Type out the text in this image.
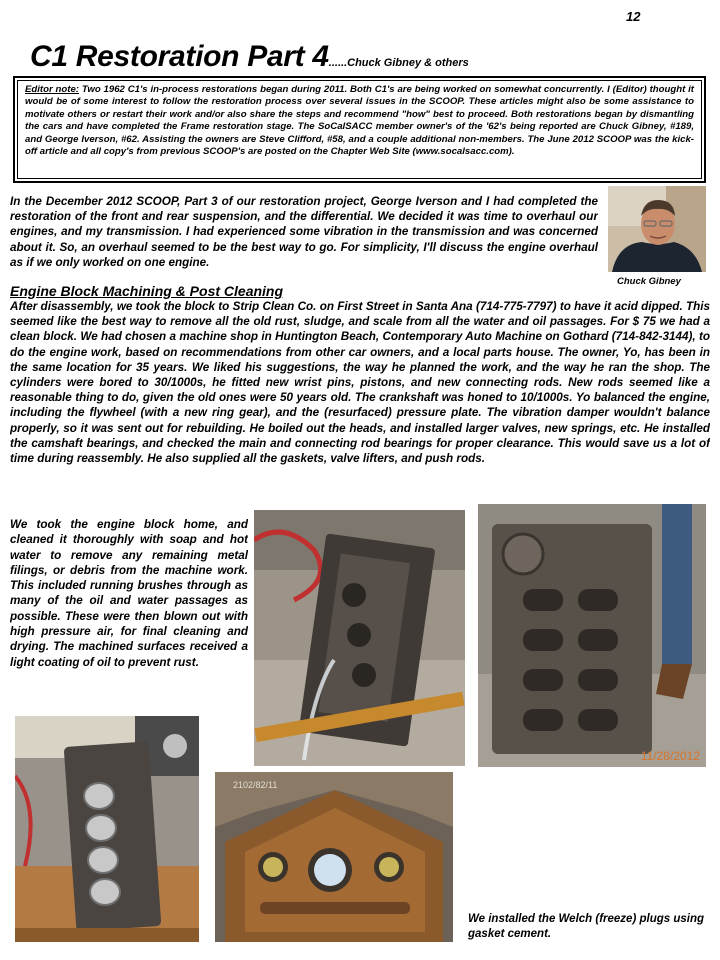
12
C1 Restoration Part 4......Chuck Gibney & others
Editor note: Two 1962 C1's in-process restorations began during 2011. Both C1's are being worked on somewhat concurrently. I (Editor) thought it would be of some interest to follow the restoration process over several issues in the SCOOP. These articles might also be some assistance to motivate others or restart their work and/or also share the steps and recommend "how" best to proceed. Both restorations began by dismantling the cars and have completed the Frame restoration stage. The SoCalSACC member owner's of the '62's being reported are Chuck Gibney, #189, and George Iverson, #62. Assisting the owners are Steve Clifford, #58, and a couple additional non-members. The June 2012 SCOOP was the kick-off article and all copy's from previous SCOOP's are posted on the Chapter Web Site (www.socalsacc.com).
In the December 2012 SCOOP, Part 3 of our restoration project, George Iverson and I had completed the restoration of the front and rear suspension, and the differential. We decided it was time to overhaul our engines, and my transmission. I had experienced some vibration in the transmission and was concerned about it. So, an overhaul seemed to be the best way to go. For simplicity, I'll discuss the engine overhaul as if we only worked on one engine.
Chuck Gibney
Engine Block Machining & Post Cleaning
After disassembly, we took the block to Strip Clean Co. on First Street in Santa Ana (714-775-7797) to have it acid dipped. This seemed like the best way to remove all the old rust, sludge, and scale from all the water and oil passages. For $ 75 we had a clean block. We had chosen a machine shop in Huntington Beach, Contemporary Auto Machine on Gothard (714-842-3144), to do the engine work, based on recommendations from other car owners, and a local parts house. The owner, Yo, has been in the same location for 35 years. We liked his suggestions, the way he planned the work, and the way he ran the shop. The cylinders were bored to 30/1000s, he fitted new wrist pins, pistons, and new connecting rods. New rods seemed like a reasonable thing to do, given the old ones were 50 years old. The crankshaft was honed to 10/1000s. Yo balanced the engine, including the flywheel (with a new ring gear), and the (resurfaced) pressure plate. The vibration damper wouldn't balance properly, so it was sent out for rebuilding. He boiled out the heads, and installed larger valves, new springs, etc. He installed the camshaft bearings, and checked the main and connecting rod bearings for proper clearance. This would save us a lot of time during reassembly. He also supplied all the gaskets, valve lifters, and push rods.
We took the engine block home, and cleaned it thoroughly with soap and hot water to remove any remaining metal filings, or debris from the machine work. This included running brushes through as many of the oil and water passages as possible. These were then blown out with high pressure air, for final cleaning and drying. The machined surfaces received a light coating of oil to prevent rust.
11/28/2012
2102/82/11
We installed the Welch (freeze) plugs using gasket cement.
